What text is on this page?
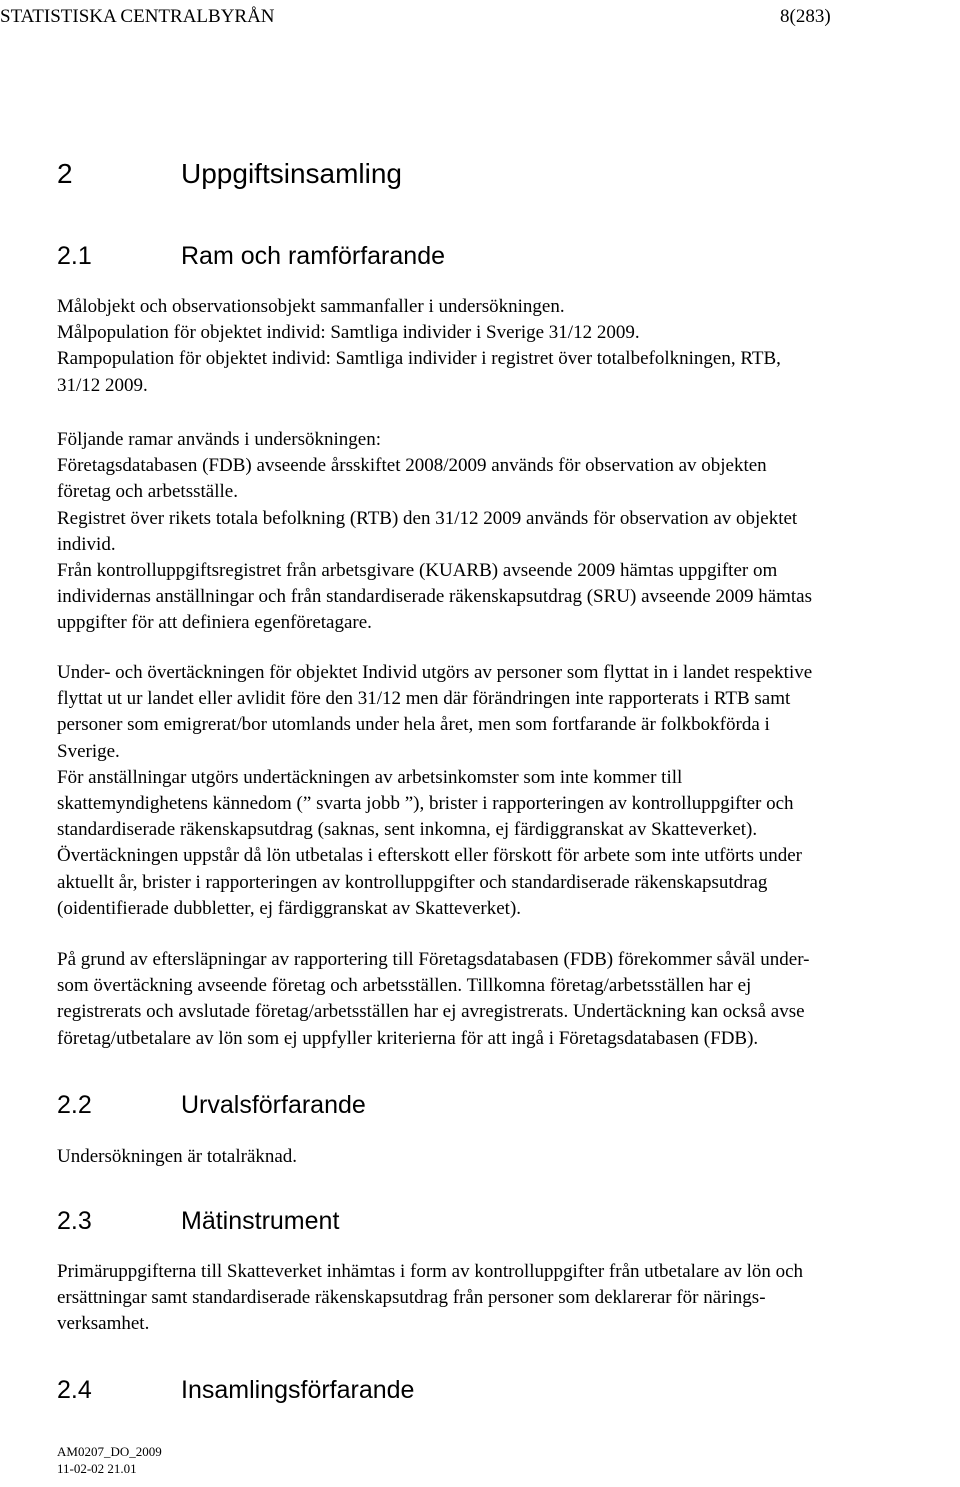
STATISTISKA CENTRALBYRÅN	8(283)
2	Uppgiftsinsamling
2.1	Ram och ramförfarande
Målobjekt och observationsobjekt sammanfaller i undersökningen.
Målpopulation för objektet individ: Samtliga individer i Sverige 31/12 2009.
Rampopulation för objektet individ: Samtliga individer i registret över totalbefolkningen, RTB,
31/12 2009.
Följande ramar används i undersökningen:
Företagsdatabasen (FDB) avseende årsskiftet 2008/2009 används för observation av objekten
företag och arbetsställe.
Registret över rikets totala befolkning (RTB) den 31/12 2009 används för observation av objektet
individ.
Från kontrolluppgiftsregistret från arbetsgivare (KUARB) avseende 2009 hämtas uppgifter om
individernas anställningar och från standardiserade räkenskapsutdrag (SRU) avseende 2009 hämtas
uppgifter för att definiera egenföretagare.
Under- och övertäckningen för objektet Individ utgörs av personer som flyttat in i landet respektive
flyttat ut ur landet eller avlidit före den 31/12 men där förändringen inte rapporterats i RTB samt
personer som emigrerat/bor utomlands under hela året, men som fortfarande är folkbokförda i
Sverige.
För anställningar utgörs undertäckningen av arbetsinkomster som inte kommer till
skattemyndighetens kännedom (” svarta jobb ”), brister i rapporteringen av kontrolluppgifter och
standardiserade räkenskapsutdrag (saknas, sent inkomna, ej färdiggranskat av Skatteverket).
Övertäckningen uppstår då lön utbetalas i efterskott eller förskott för arbete som inte utförts under
aktuellt år, brister i rapporteringen av kontrolluppgifter och standardiserade räkenskapsutdrag
(oidentifierade dubbletter, ej färdiggranskat av Skatteverket).
På grund av eftersläpningar av rapportering till Företagsdatabasen (FDB) förekommer såväl under-
som övertäckning avseende företag och arbetsställen. Tillkomna företag/arbetsställen har ej
registrerats och avslutade företag/arbetsställen har ej avregistrerats. Undertäckning kan också avse
företag/utbetalare av lön som ej uppfyller kriterierna för att ingå i Företagsdatabasen (FDB).
2.2	Urvalsförfarande
Undersökningen är totalräknad.
2.3	Mätinstrument
Primäruppgifterna till Skatteverket inhämtas i form av kontrolluppgifter från utbetalare av lön och
ersättningar samt standardiserade räkenskapsutdrag från personer som deklarerar för närings-
verksamhet.
2.4	Insamlingsförfarande
AM0207_DO_2009
11-02-02 21.01
